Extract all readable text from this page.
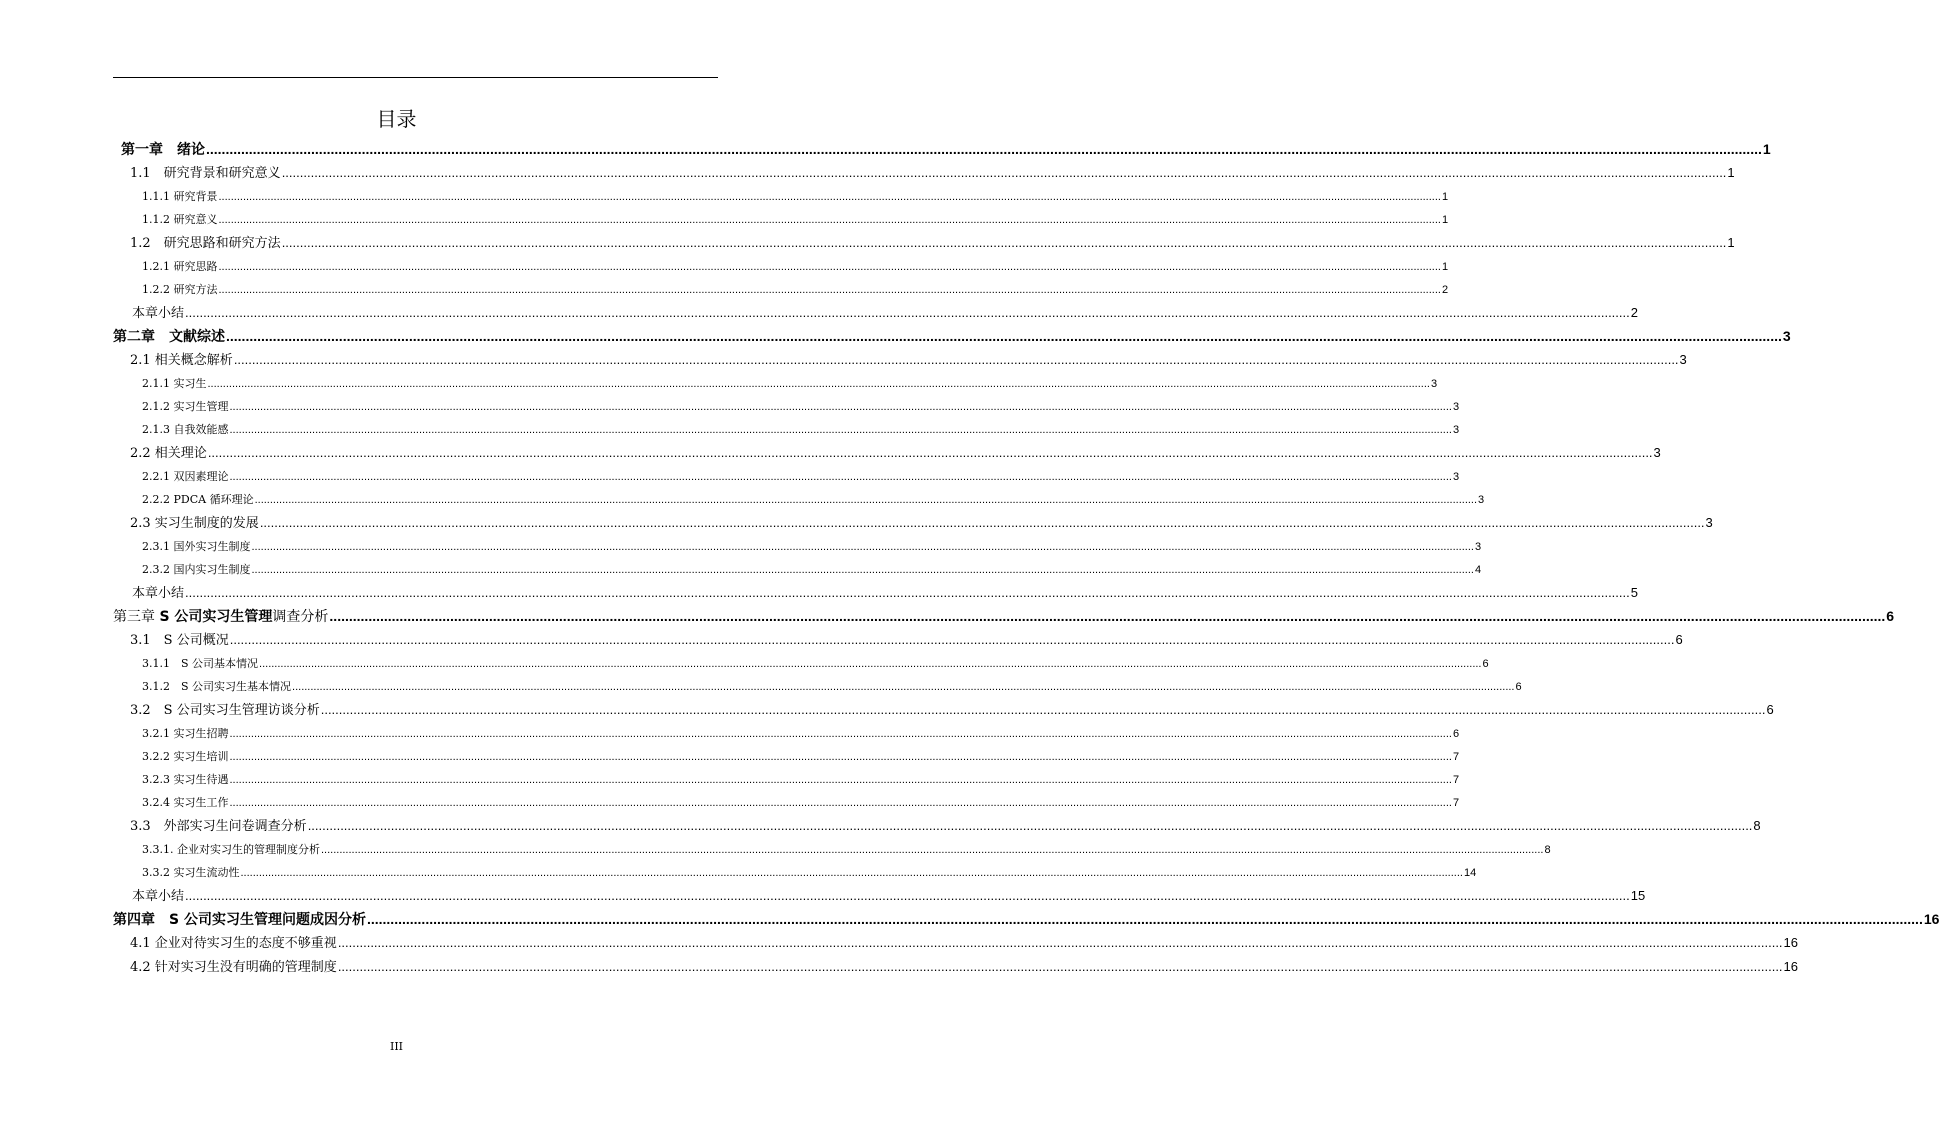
目录
第一章　绪论 ................................................................................................................................................................................................................................................................................................................................................................................................................ 1
1.1　研究背景和研究意义 ................................................................................................................................................................................................................................................................................................................................................................................................................ 1
1.1.1 研究背景 ................................................................................................................................................................................................................................................................................................................................................................................................................ 1
1.1.2 研究意义 ................................................................................................................................................................................................................................................................................................................................................................................................................ 1
1.2　研究思路和研究方法 ................................................................................................................................................................................................................................................................................................................................................................................................................ 1
1.2.1 研究思路 ................................................................................................................................................................................................................................................................................................................................................................................................................ 1
1.2.2 研究方法 ................................................................................................................................................................................................................................................................................................................................................................................................................ 2
本章小结 ................................................................................................................................................................................................................................................................................................................................................................................................................ 2
第二章　文献综述 ................................................................................................................................................................................................................................................................................................................................................................................................................ 3
2.1 相关概念解析 ................................................................................................................................................................................................................................................................................................................................................................................................................ 3
2.1.1 实习生 ................................................................................................................................................................................................................................................................................................................................................................................................................ 3
2.1.2 实习生管理 ................................................................................................................................................................................................................................................................................................................................................................................................................ 3
2.1.3 自我效能感 ................................................................................................................................................................................................................................................................................................................................................................................................................ 3
2.2 相关理论 ................................................................................................................................................................................................................................................................................................................................................................................................................ 3
2.2.1 双因素理论 ................................................................................................................................................................................................................................................................................................................................................................................................................ 3
2.2.2 PDCA 循环理论 ................................................................................................................................................................................................................................................................................................................................................................................................................ 3
2.3 实习生制度的发展 ................................................................................................................................................................................................................................................................................................................................................................................................................ 3
2.3.1 国外实习生制度 ................................................................................................................................................................................................................................................................................................................................................................................................................ 3
2.3.2 国内实习生制度 ................................................................................................................................................................................................................................................................................................................................................................................................................ 4
本章小结 ................................................................................................................................................................................................................................................................................................................................................................................................................ 5
第三章 S 公司实习生管理调查分析 ................................................................................................................................................................................................................................................................................................................................................................................................................ 6
3.1　S 公司概况 ................................................................................................................................................................................................................................................................................................................................................................................................................ 6
3.1.1　S 公司基本情况 ................................................................................................................................................................................................................................................................................................................................................................................................................ 6
3.1.2　S 公司实习生基本情况 ................................................................................................................................................................................................................................................................................................................................................................................................................ 6
3.2　S 公司实习生管理访谈分析 ................................................................................................................................................................................................................................................................................................................................................................................................................ 6
3.2.1 实习生招聘 ................................................................................................................................................................................................................................................................................................................................................................................................................ 6
3.2.2 实习生培训 ................................................................................................................................................................................................................................................................................................................................................................................................................ 7
3.2.3 实习生待遇 ................................................................................................................................................................................................................................................................................................................................................................................................................ 7
3.2.4 实习生工作 ................................................................................................................................................................................................................................................................................................................................................................................................................ 7
3.3　外部实习生问卷调查分析 ................................................................................................................................................................................................................................................................................................................................................................................................................ 8
3.3.1. 企业对实习生的管理制度分析 ................................................................................................................................................................................................................................................................................................................................................................................................................ 8
3.3.2 实习生流动性 ................................................................................................................................................................................................................................................................................................................................................................................................................ 14
本章小结 ................................................................................................................................................................................................................................................................................................................................................................................................................ 15
第四章　S 公司实习生管理问题成因分析 ................................................................................................................................................................................................................................................................................................................................................................................................................ 16
4.1 企业对待实习生的态度不够重视 ................................................................................................................................................................................................................................................................................................................................................................................................................ 16
4.2 针对实习生没有明确的管理制度 ................................................................................................................................................................................................................................................................................................................................................................................................................ 16
III
